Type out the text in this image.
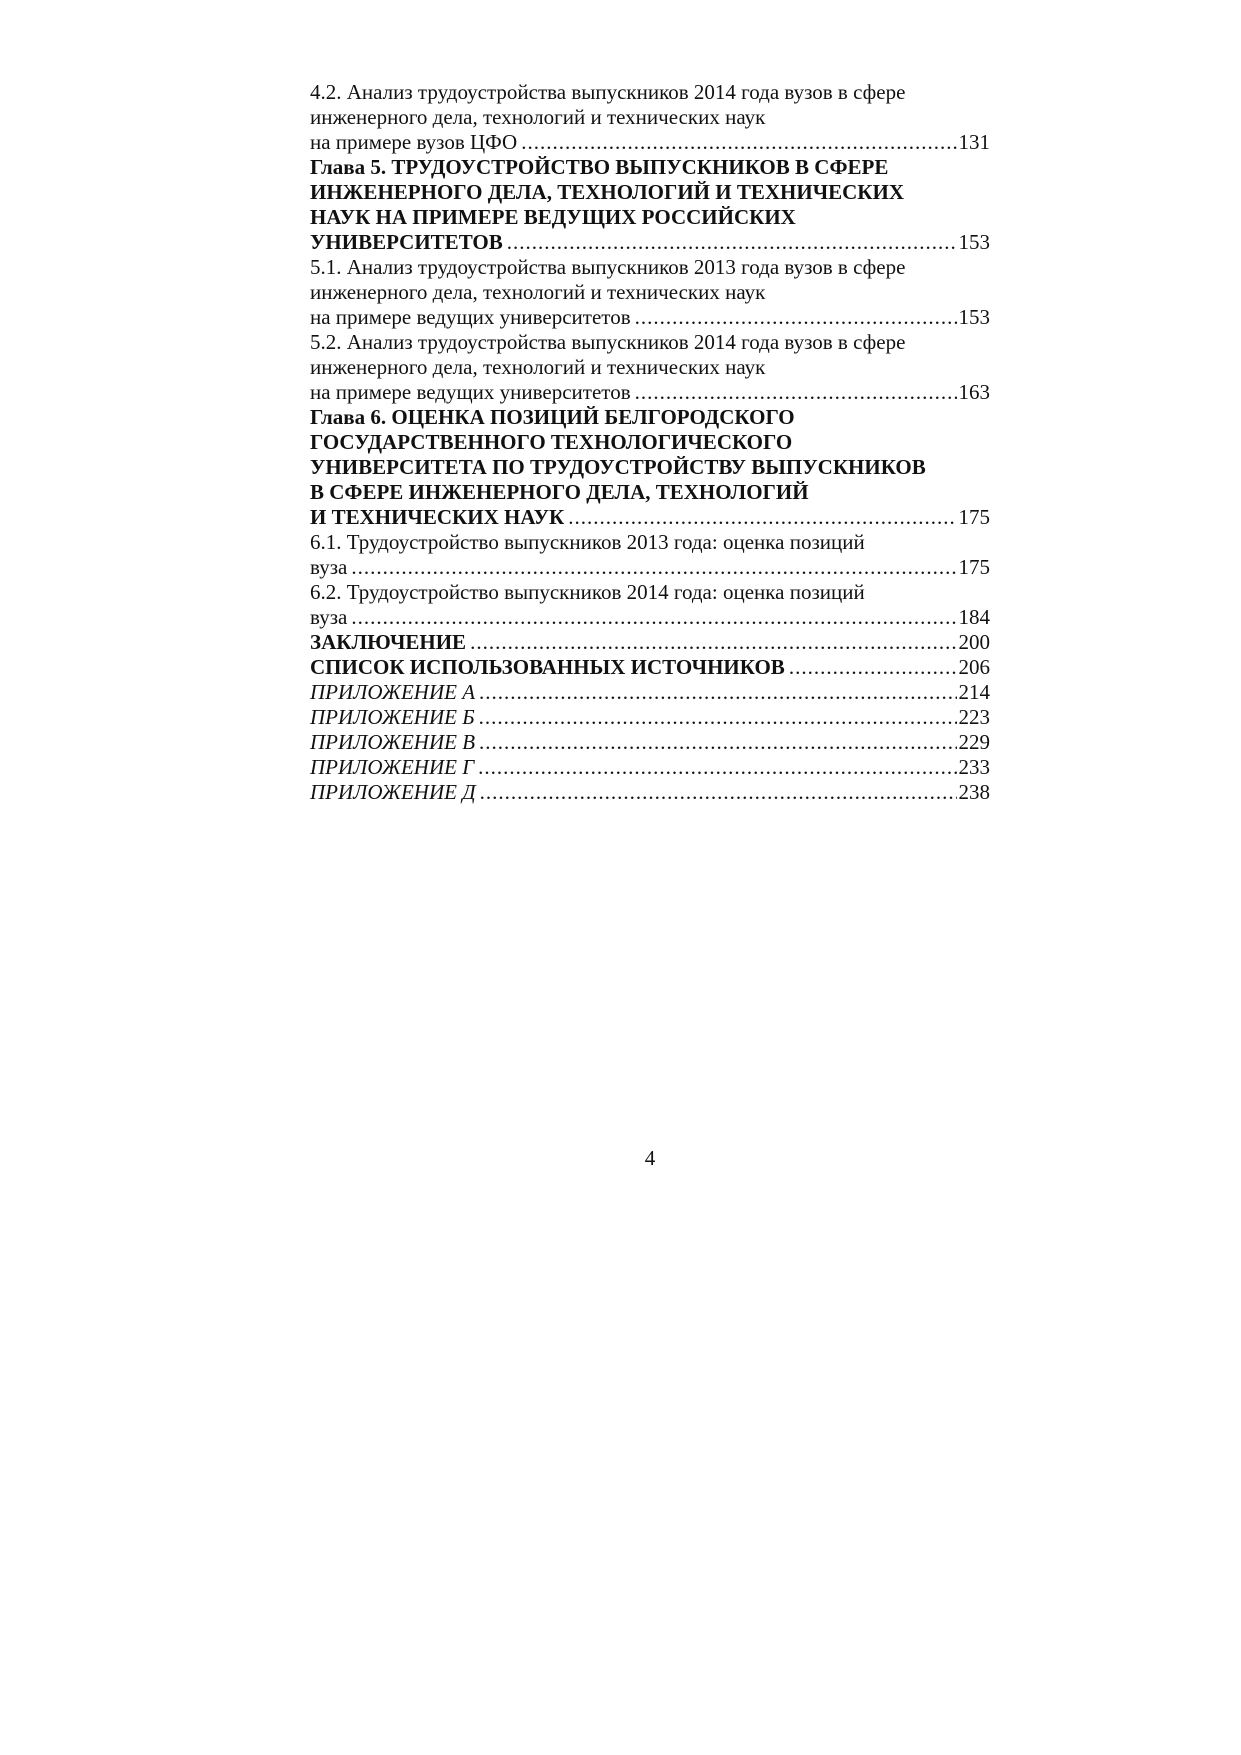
4.2. Анализ трудоустройства выпускников 2014 года вузов в сфере
инженерного дела, технологий и технических наук
на примере вузов ЦФО .....	131
Глава 5. ТРУДОУСТРОЙСТВО ВЫПУСКНИКОВ В СФЕРЕ
ИНЖЕНЕРНОГО ДЕЛА, ТЕХНОЛОГИЙ И ТЕХНИЧЕСКИХ
НАУК НА ПРИМЕРЕ ВЕДУЩИХ РОССИЙСКИХ
УНИВЕРСИТЕТОВ .....	153
5.1. Анализ трудоустройства выпускников 2013 года вузов в сфере
инженерного дела, технологий и технических наук
на примере ведущих университетов .....	153
5.2. Анализ трудоустройства выпускников 2014 года вузов в сфере
инженерного дела, технологий и технических наук
на примере ведущих университетов .....	163
Глава 6. ОЦЕНКА ПОЗИЦИЙ БЕЛГОРОДСКОГО
ГОСУДАРСТВЕННОГО ТЕХНОЛОГИЧЕСКОГО
УНИВЕРСИТЕТА ПО ТРУДОУСТРОЙСТВУ ВЫПУСКНИКОВ
В СФЕРЕ ИНЖЕНЕРНОГО ДЕЛА, ТЕХНОЛОГИЙ
И ТЕХНИЧЕСКИХ НАУК .....	175
6.1. Трудоустройство выпускников 2013 года: оценка позиций
вуза .....	175
6.2. Трудоустройство выпускников 2014 года: оценка позиций
вуза .....	184
ЗАКЛЮЧЕНИЕ .....	200
СПИСОК ИСПОЛЬЗОВАННЫХ ИСТОЧНИКОВ .....	206
ПРИЛОЖЕНИЕ А .....	214
ПРИЛОЖЕНИЕ Б .....	223
ПРИЛОЖЕНИЕ В .....	229
ПРИЛОЖЕНИЕ Г .....	233
ПРИЛОЖЕНИЕ Д .....	238
4
